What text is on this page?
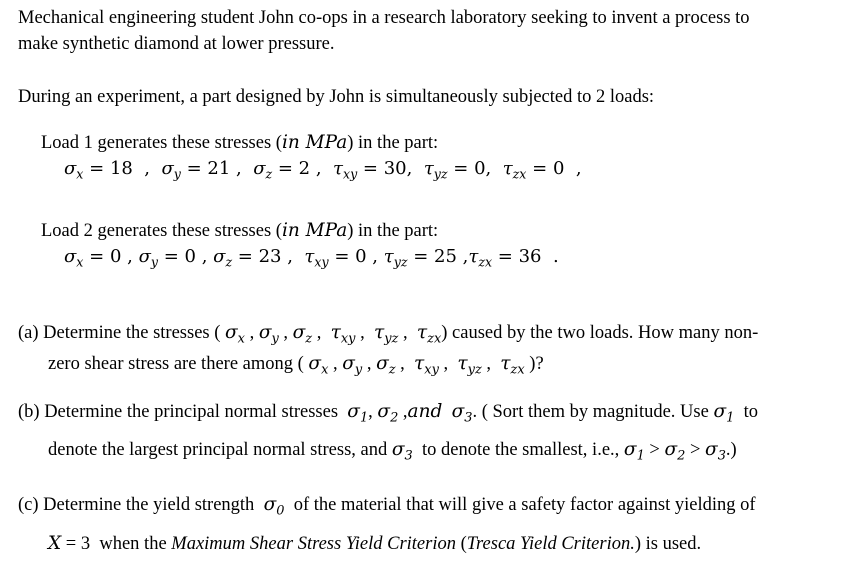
Mechanical engineering student John co-ops in a research laboratory seeking to invent a process to
make synthetic diamond at lower pressure.
During an experiment, a part designed by John is simultaneously subjected to 2 loads:
Load 1 generates these stresses (in MPa) in the part:
$\sigma_x = 18$  ,  $\sigma_y = 21$ ,  $\sigma_z = 2$ ,  $\tau_{xy} = 30$,  $\tau_{yz} = 0$,  $\tau_{zx} = 0$  ,
Load 2 generates these stresses (in MPa) in the part:
$\sigma_x = 0$ , $\sigma_y = 0$ , $\sigma_z = 23$ ,  $\tau_{xy} = 0$ , $\tau_{yz} = 25$ $,\tau_{zx} = 36$  .
(a) Determine the stresses ( $\sigma_x$ , $\sigma_y$ , $\sigma_z$ ,  $\tau_{xy}$ ,  $\tau_{yz}$ ,  $\tau_{zx}$) caused by the two loads. How many non-
zero shear stress are there among ( $\sigma_x$ , $\sigma_y$ , $\sigma_z$ ,  $\tau_{xy}$ ,  $\tau_{yz}$ ,  $\tau_{zx}$ )?
(b) Determine the principal normal stresses $\sigma_1$, $\sigma_2$ ,and $\sigma_3$. ( Sort them by magnitude. Use $\sigma_1$ to
denote the largest principal normal stress, and $\sigma_3$ to denote the smallest, i.e., $\sigma_1 > \sigma_2 > \sigma_3$.)
(c) Determine the yield strength $\sigma_0$ of the material that will give a safety factor against yielding of
X = 3 when the Maximum Shear Stress Yield Criterion (Tresca Yield Criterion.) is used.
